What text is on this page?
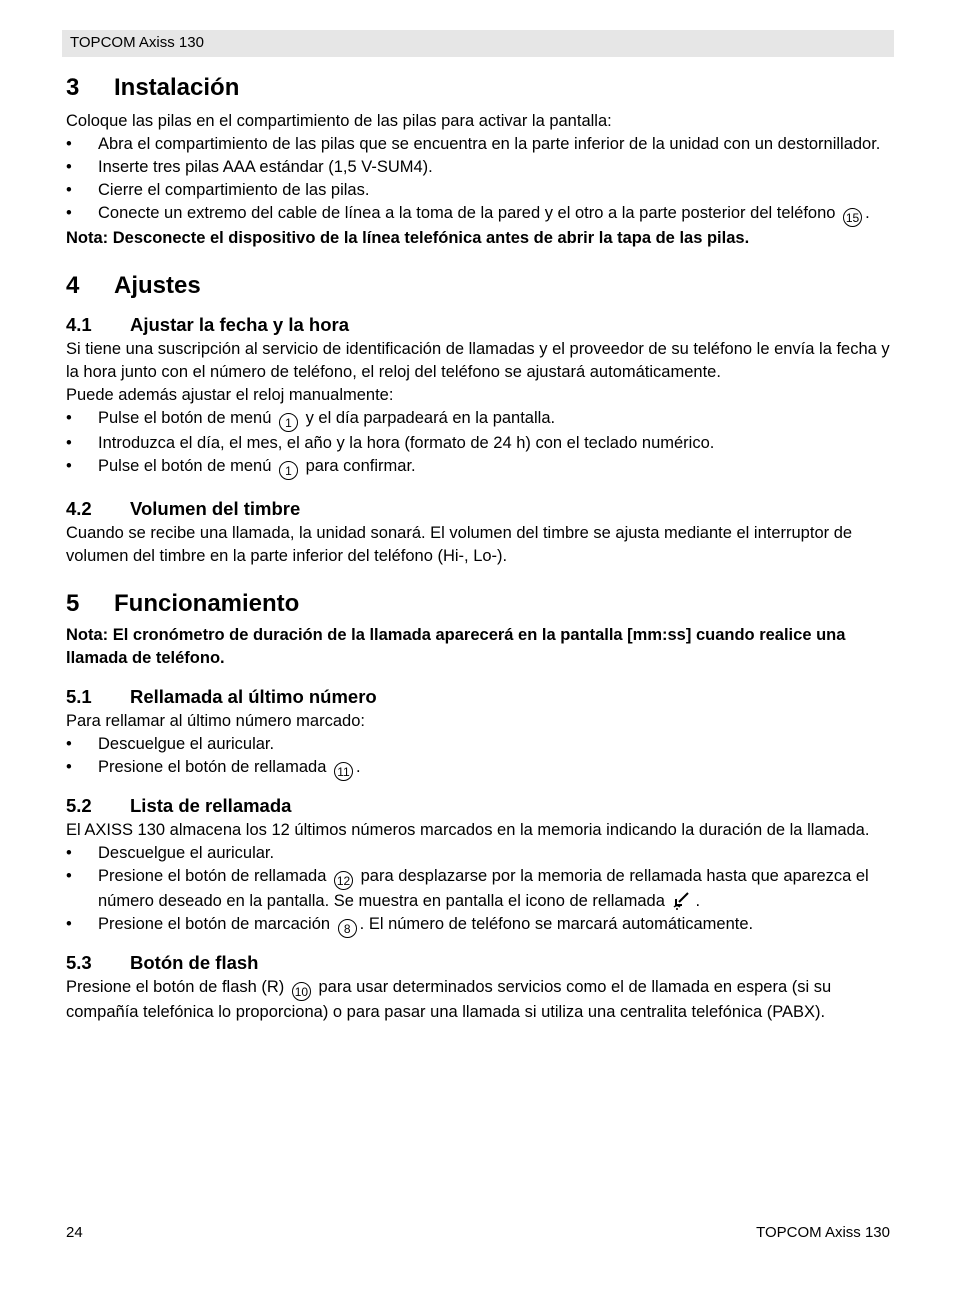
TOPCOM Axiss 130
3 Instalación

Coloque las pilas en el compartimiento de las pilas para activar la pantalla:

• Abra el compartimiento de las pilas que se encuentra en la parte inferior de la unidad con un destornillador.
• Inserte tres pilas AAA estándar (1,5 V-SUM4).
• Cierre el compartimiento de las pilas.
• Conecte un extremo del cable de línea a la toma de la pared y el otro a la parte posterior del teléfono 15 .

Nota: Desconecte el dispositivo de la línea telefónica antes de abrir la tapa de las pilas.

4 Ajustes
4.1 Ajustar la fecha y la hora

Si tiene una suscripción al servicio de identificación de llamadas y el proveedor de su teléfono le envía la fecha y la hora junto con el número de teléfono, el reloj del teléfono se ajustará automáticamente.

Puede además ajustar el reloj manualmente:

• Pulse el botón de menú 1 y el día parpadeará en la pantalla.
• Introduzca el día, el mes, el año y la hora (formato de 24 h) con el teclado numérico.
• Pulse el botón de menú 1 para confirmar.
4.2 Volumen del timbre

Cuando se recibe una llamada, la unidad sonará. El volumen del timbre se ajusta mediante el interruptor de volumen del timbre en la parte inferior del teléfono (Hi-, Lo-).

5 Funcionamiento

Nota: El cronómetro de duración de la llamada aparecerá en la pantalla [mm:ss] cuando realice una llamada de teléfono.

5.1 Rellamada al último número

Para rellamar al último número marcado:

• Descuelgue el auricular.
• Presione el botón de rellamada 11 .
5.2 Lista de rellamada

El AXISS 130 almacena los 12 últimos números marcados en la memoria indicando la duración de la llamada.

• Descuelgue el auricular.
• Presione el botón de rellamada 12 para desplazarse por la memoria de rellamada hasta que aparezca el número deseado en la pantalla. Se muestra en pantalla el icono de rellamada .
• Presione el botón de marcación 8 . El número de teléfono se marcará automáticamente.
5.3 Botón de flash

Presione el botón de flash (R) 10 para usar determinados servicios como el de llamada en espera (si su compañía telefónica lo proporciona) o para pasar una llamada si utiliza una centralita telefónica (PABX).

24	TOPCOM Axiss 130
